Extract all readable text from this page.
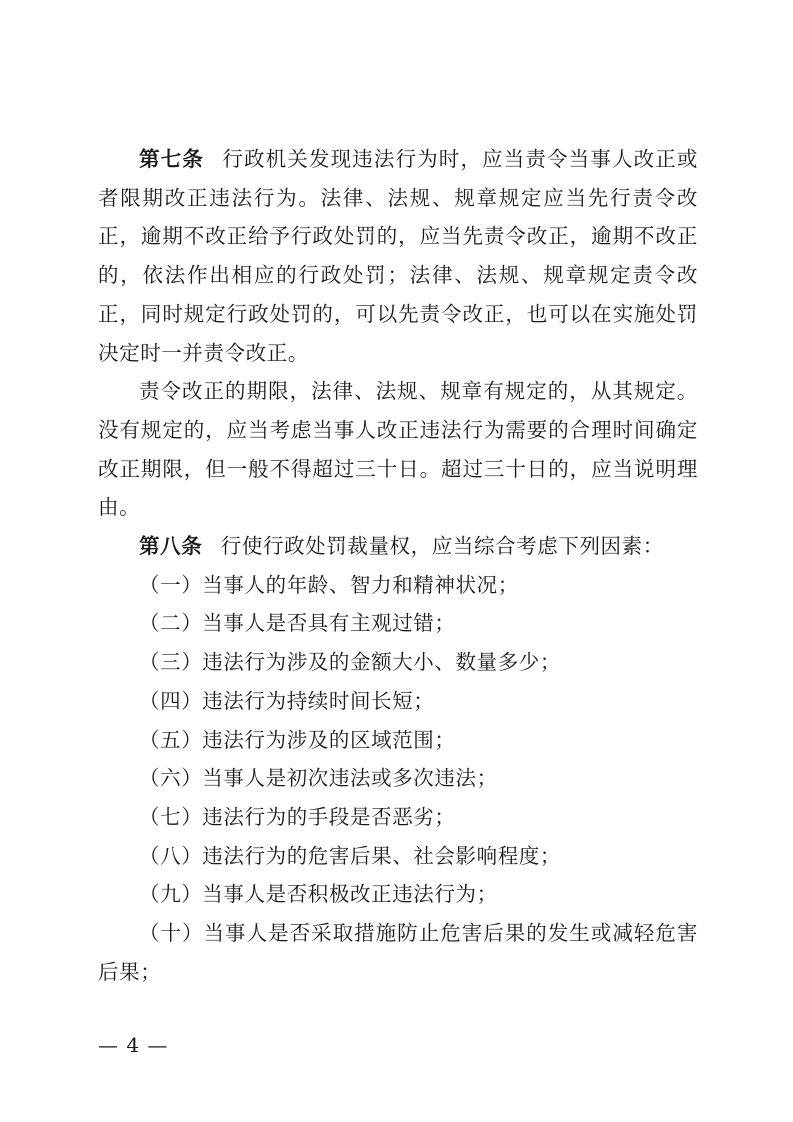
第七条 行政机关发现违法行为时，应当责令当事人改正或者限期改正违法行为。法律、法规、规章规定应当先行责令改正，逾期不改正给予行政处罚的，应当先责令改正，逾期不改正的，依法作出相应的行政处罚；法律、法规、规章规定责令改正，同时规定行政处罚的，可以先责令改正，也可以在实施处罚决定时一并责令改正。

责令改正的期限，法律、法规、规章有规定的，从其规定。没有规定的，应当考虑当事人改正违法行为需要的合理时间确定改正期限，但一般不得超过三十日。超过三十日的，应当说明理由。

第八条 行使行政处罚裁量权，应当综合考虑下列因素：

（一）当事人的年龄、智力和精神状况；

（二）当事人是否具有主观过错；

（三）违法行为涉及的金额大小、数量多少；

（四）违法行为持续时间长短；

（五）违法行为涉及的区域范围；

（六）当事人是初次违法或多次违法；

（七）违法行为的手段是否恶劣；

（八）违法行为的危害后果、社会影响程度；

（九）当事人是否积极改正违法行为；

（十）当事人是否采取措施防止危害后果的发生或减轻危害后果；

— 4 —
